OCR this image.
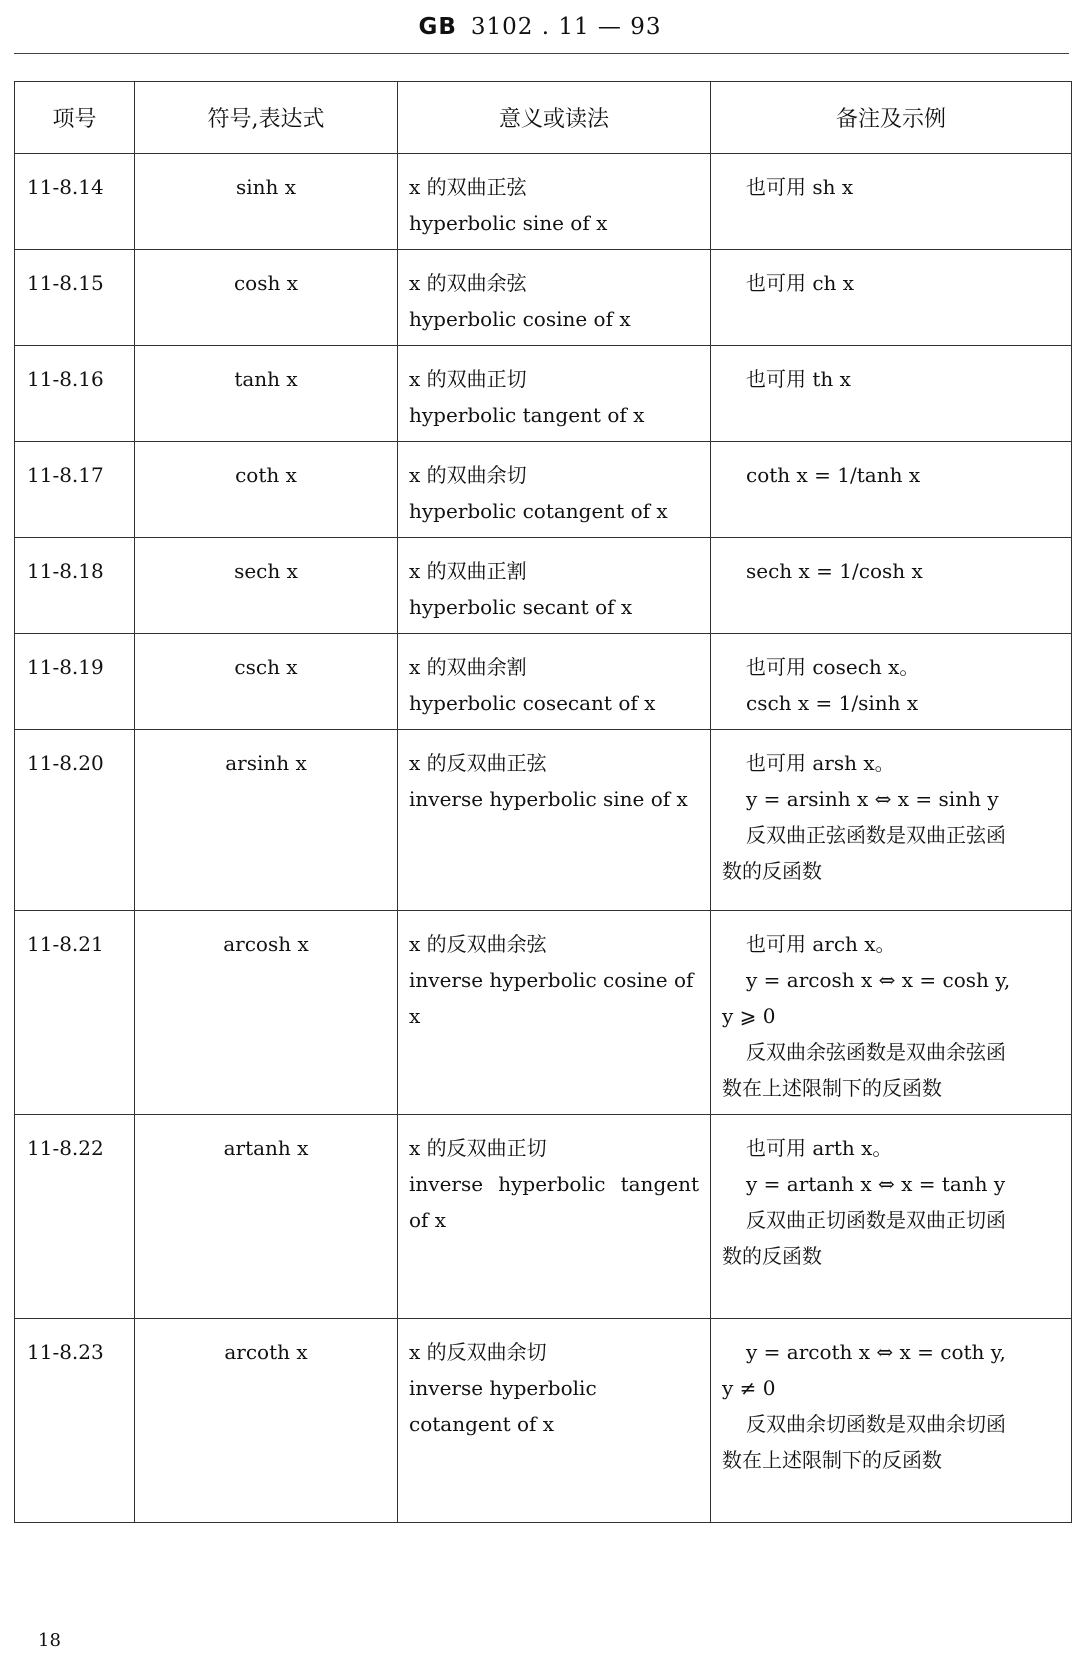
GB 3102 . 11 — 93
项号	符号,表达式	意义或读法	备注及示例

11-8.14	sinh x	x 的双曲正弦
hyperbolic sine of x	也可用 sh x

11-8.15	cosh x	x 的双曲余弦
hyperbolic cosine of x	也可用 ch x

11-8.16	tanh x	x 的双曲正切
hyperbolic tangent of x	也可用 th x

11-8.17	coth x	x 的双曲余切
hyperbolic cotangent of x	coth x = 1/tanh x

11-8.18	sech x	x 的双曲正割
hyperbolic secant of x	sech x = 1/cosh x

11-8.19	csch x	x 的双曲余割
hyperbolic cosecant of x	也可用 cosech x。
csch x = 1/sinh x

11-8.20	arsinh x	x 的反双曲正弦
inverse hyperbolic sine of x	也可用 arsh x。
y = arsinh x ⇔ x = sinh y
反双曲正弦函数是双曲正弦函
数的反函数

11-8.21	arcosh x	x 的反双曲余弦
inverse hyperbolic cosine of
x	也可用 arch x。
y = arcosh x ⇔ x = cosh y,
y ⩾ 0
反双曲余弦函数是双曲余弦函
数在上述限制下的反函数

11-8.22	artanh x	x 的反双曲正切
inverse hyperbolic tangent
of x	也可用 arth x。
y = artanh x ⇔ x = tanh y
反双曲正切函数是双曲正切函
数的反函数

11-8.23	arcoth x	x 的反双曲余切
inverse hyperbolic
cotangent of x	y = arcoth x ⇔ x = coth y,
y ≠ 0
反双曲余切函数是双曲余切函
数在上述限制下的反函数
18
